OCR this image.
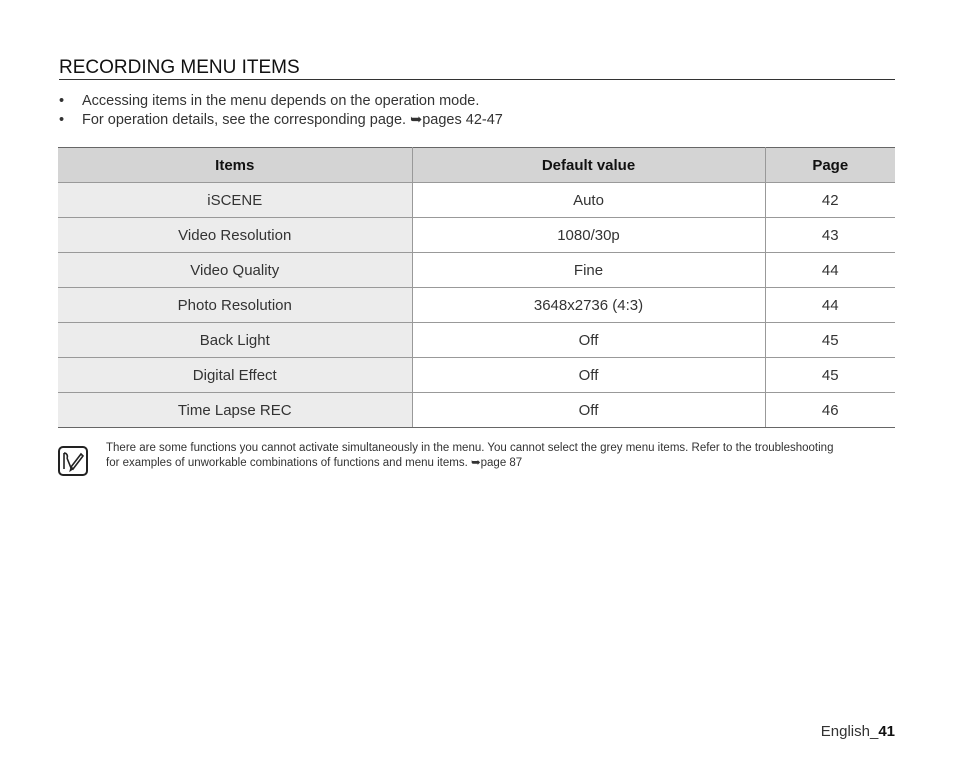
RECORDING MENU ITEMS
• Accessing items in the menu depends on the operation mode.
• For operation details, see the corresponding page. ➥pages 42-47
Items	Default value	Page
iSCENE	Auto	42
Video Resolution	1080/30p	43
Video Quality	Fine	44
Photo Resolution	3648x2736 (4:3)	44
Back Light	Off	45
Digital Effect	Off	45
Time Lapse REC	Off	46
There are some functions you cannot activate simultaneously in the menu. You cannot select the grey menu items. Refer to the troubleshooting
for examples of unworkable combinations of functions and menu items. ➥page 87
English_41
